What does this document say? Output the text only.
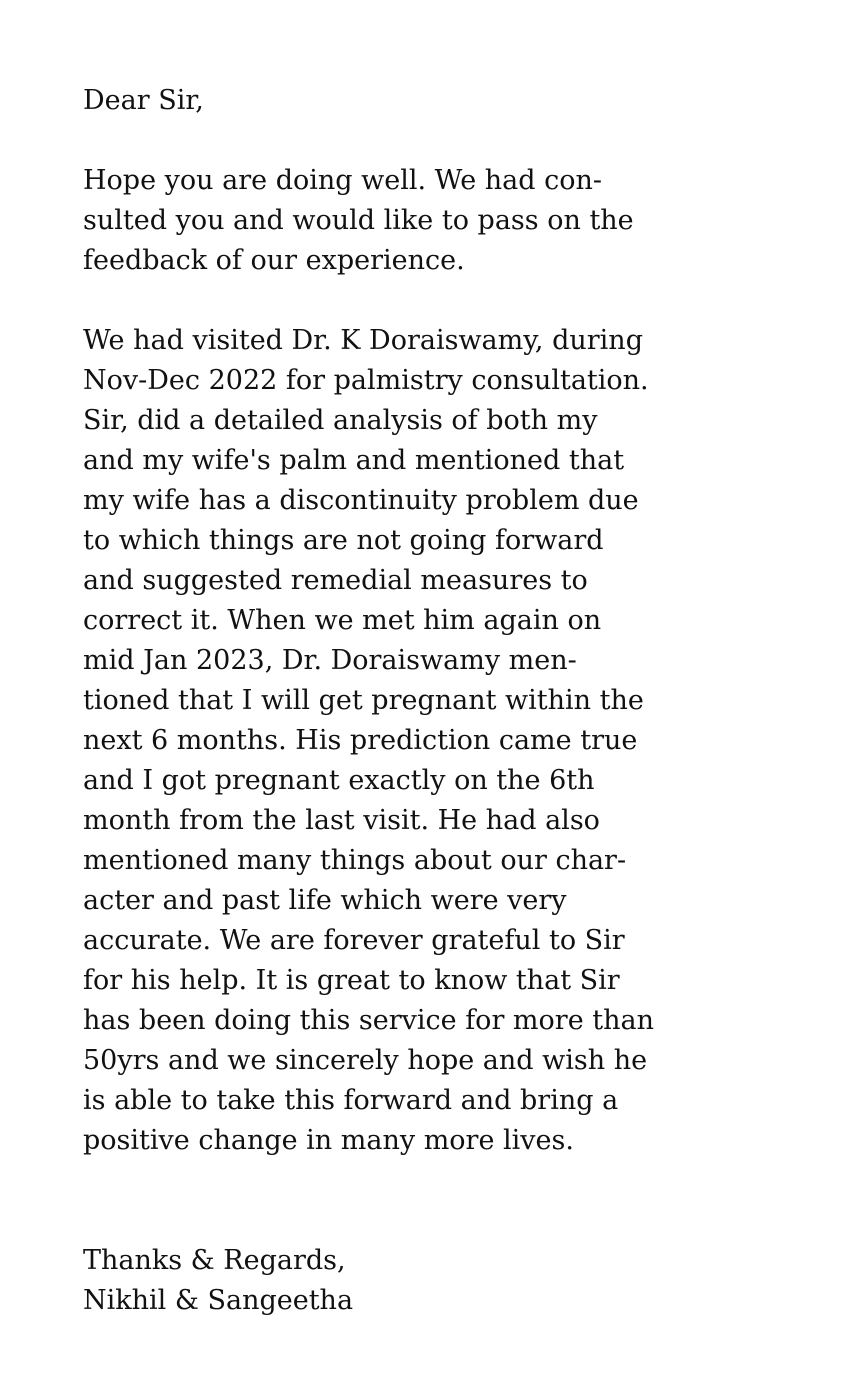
Dear Sir,
Hope you are doing well. We had con-
sulted you and would like to pass on the
feedback of our experience.
We had visited Dr. K Doraiswamy, during
Nov-Dec 2022 for palmistry consultation.
Sir, did a detailed analysis of both my
and my wife's palm and mentioned that
my wife has a discontinuity problem due
to which things are not going forward
and suggested remedial measures to
correct it. When we met him again on
mid Jan 2023, Dr. Doraiswamy men-
tioned that I will get pregnant within the
next 6 months. His prediction came true
and I got pregnant exactly on the 6th
month from the last visit. He had also
mentioned many things about our char-
acter and past life which were very
accurate. We are forever grateful to Sir
for his help. It is great to know that Sir
has been doing this service for more than
50yrs and we sincerely hope and wish he
is able to take this forward and bring a
positive change in many more lives.
Thanks & Regards,
Nikhil & Sangeetha
